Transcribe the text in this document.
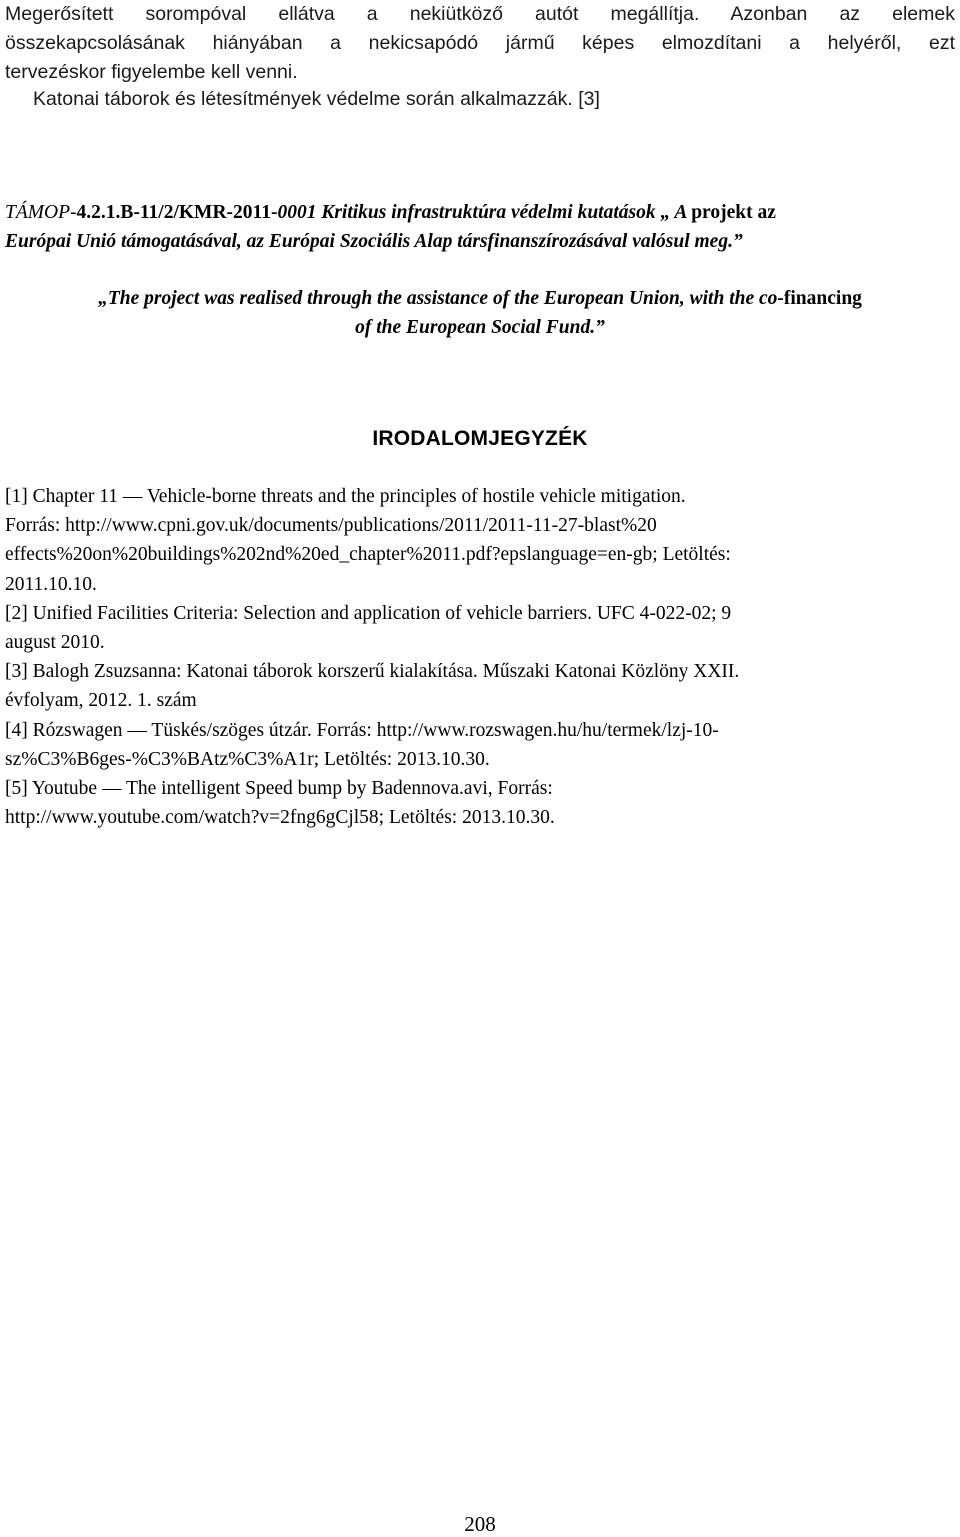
Megerősített sorompóval ellátva a nekiütköző autót megállítja. Azonban az elemek
összekapcsolásának hiányában a nekicsapódó jármű képes elmozdítani a helyéről, ezt
tervezéskor figyelembe kell venni.

Katonai táborok és létesítmények védelme során alkalmazzák. [3]

TÁMOP-4.2.1.B-11/2/KMR-2011-0001 Kritikus infrastruktúra védelmi kutatások „ A projekt az
Európai Unió támogatásával, az Európai Szociális Alap társfinanszírozásával valósul meg.”
„The project was realised through the assistance of the European Union, with the co-financing
of the European Social Fund.”
IRODALOMJEGYZÉK
[1] Chapter 11 — Vehicle-borne threats and the principles of hostile vehicle mitigation.
Forrás: http://www.cpni.gov.uk/documents/publications/2011/2011-11-27-blast%20
effects%20on%20buildings%202nd%20ed_chapter%2011.pdf?epslanguage=en-gb; Letöltés:
2011.10.10.
[2] Unified Facilities Criteria: Selection and application of vehicle barriers. UFC 4-022-02; 9
august 2010.
[3] Balogh Zsuzsanna: Katonai táborok korszerű kialakítása. Műszaki Katonai Közlöny XXII.
évfolyam, 2012. 1. szám
[4] Rózswagen — Tüskés/szöges útzár. Forrás: http://www.rozswagen.hu/hu/termek/lzj-10-
sz%C3%B6ges-%C3%BAtz%C3%A1r; Letöltés: 2013.10.30.
[5] Youtube — The intelligent Speed bump by Badennova.avi, Forrás:
http://www.youtube.com/watch?v=2fng6gCjl58; Letöltés: 2013.10.30.
208
